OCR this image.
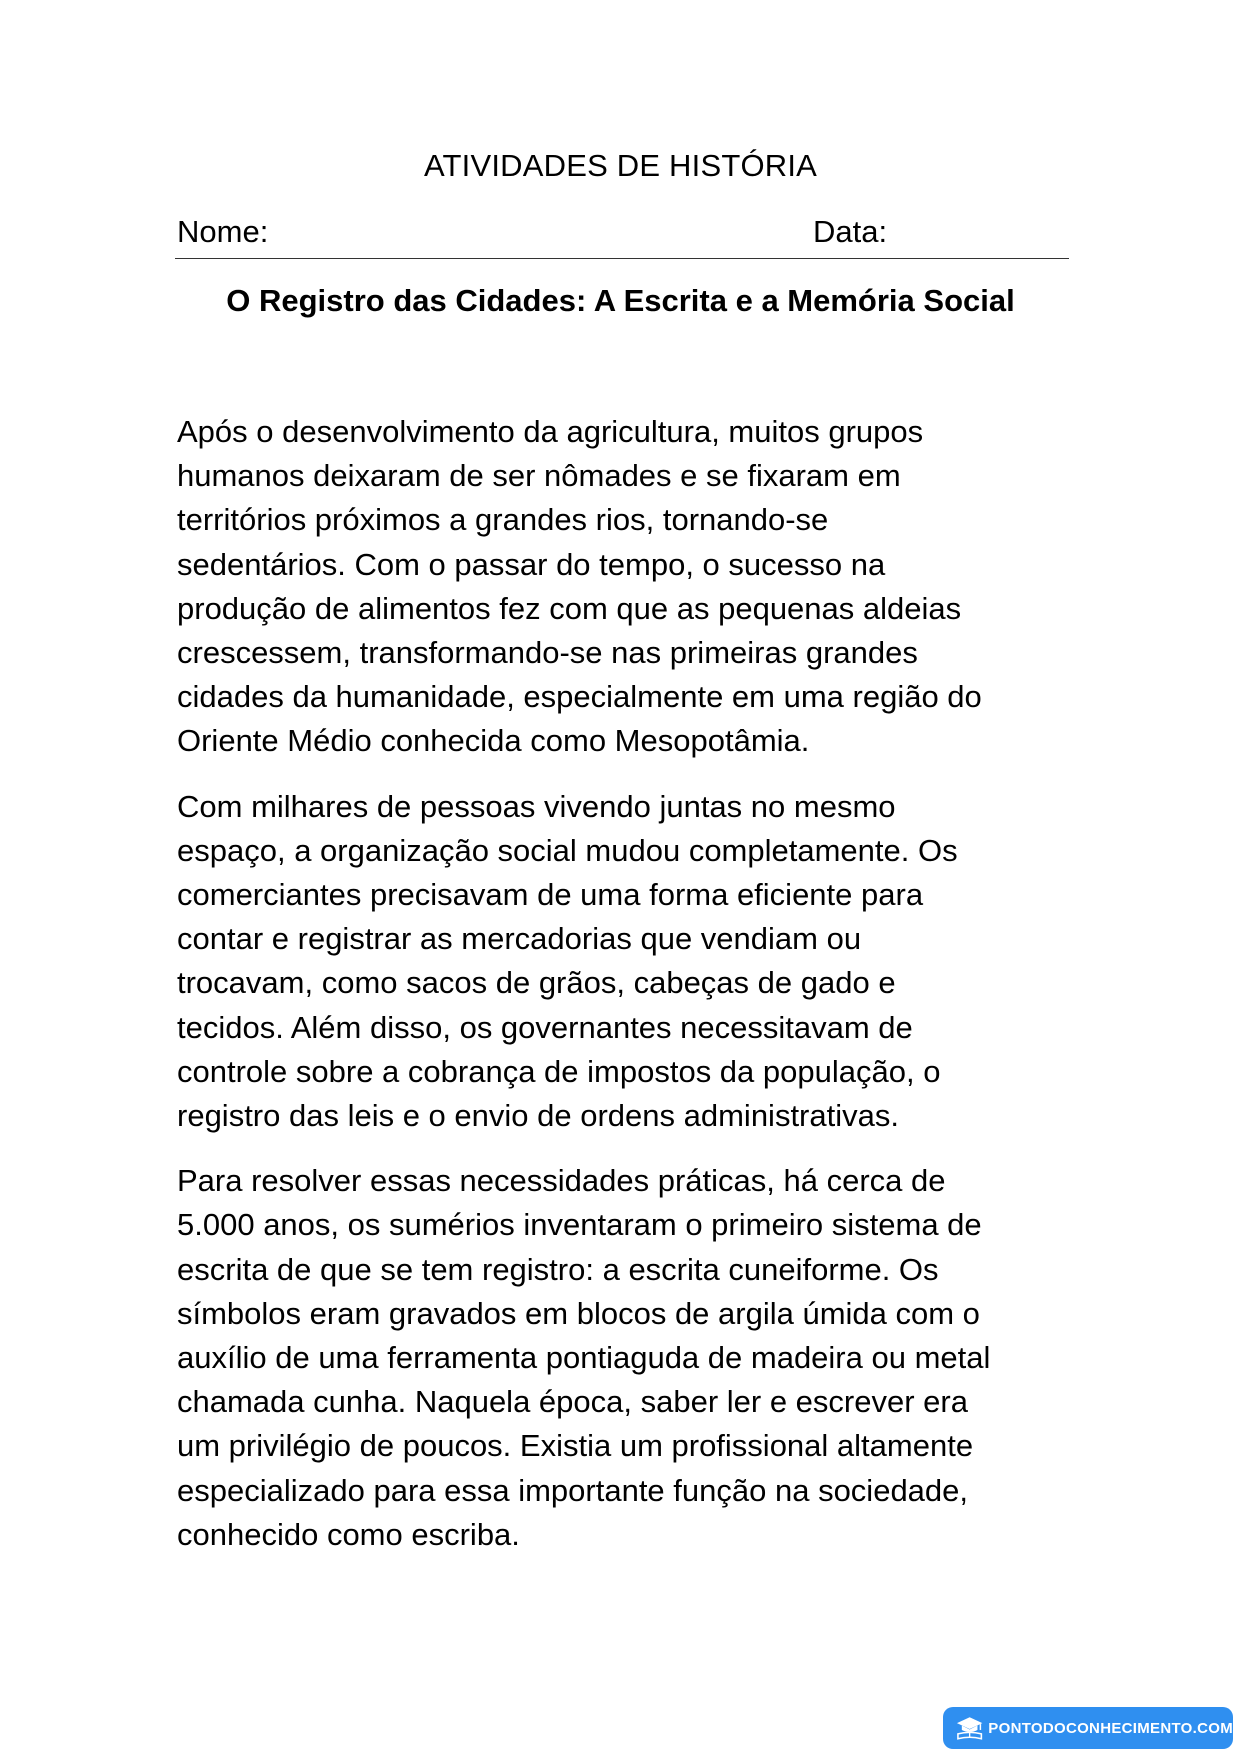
ATIVIDADES DE HISTÓRIA
Nome:	Data:
O Registro das Cidades: A Escrita e a Memória Social

Após o desenvolvimento da agricultura, muitos grupos
humanos deixaram de ser nômades e se fixaram em
territórios próximos a grandes rios, tornando-se
sedentários. Com o passar do tempo, o sucesso na
produção de alimentos fez com que as pequenas aldeias
crescessem, transformando-se nas primeiras grandes
cidades da humanidade, especialmente em uma região do
Oriente Médio conhecida como Mesopotâmia.

Com milhares de pessoas vivendo juntas no mesmo
espaço, a organização social mudou completamente. Os
comerciantes precisavam de uma forma eficiente para
contar e registrar as mercadorias que vendiam ou
trocavam, como sacos de grãos, cabeças de gado e
tecidos. Além disso, os governantes necessitavam de
controle sobre a cobrança de impostos da população, o
registro das leis e o envio de ordens administrativas.

Para resolver essas necessidades práticas, há cerca de
5.000 anos, os sumérios inventaram o primeiro sistema de
escrita de que se tem registro: a escrita cuneiforme. Os
símbolos eram gravados em blocos de argila úmida com o
auxílio de uma ferramenta pontiaguda de madeira ou metal
chamada cunha. Naquela época, saber ler e escrever era
um privilégio de poucos. Existia um profissional altamente
especializado para essa importante função na sociedade,
conhecido como escriba.

PONTODOCONHECIMENTO.COM
